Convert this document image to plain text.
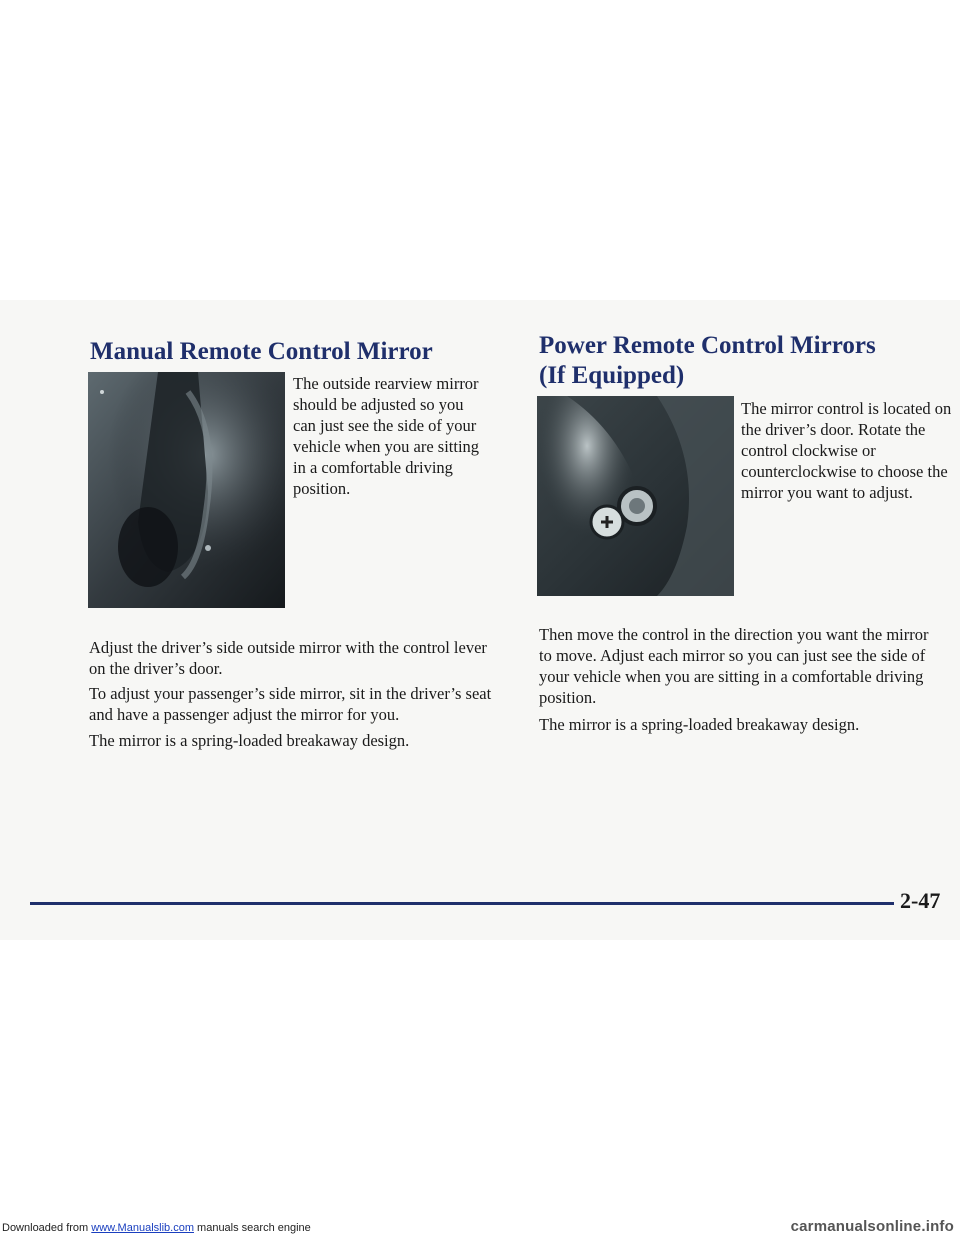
Manual Remote Control Mirror

The outside rearview mirror should be adjusted so you can just see the side of your vehicle when you are sitting in a comfortable driving position.

Adjust the driver’s side outside mirror with the control lever on the driver’s door.

To adjust your passenger’s side mirror, sit in the driver’s seat and have a passenger adjust the mirror for you.

The mirror is a spring-loaded breakaway design.

Power Remote Control Mirrors
(If Equipped)

The mirror control is located on the driver’s door. Rotate the control clockwise or counterclockwise to choose the mirror you want to adjust.

Then move the control in the direction you want the mirror to move. Adjust each mirror so you can just see the side of your vehicle when you are sitting in a comfortable driving position.

The mirror is a spring-loaded breakaway design.

2-47
Downloaded from www.Manualslib.com manuals search engine	carmanualsonline.info
